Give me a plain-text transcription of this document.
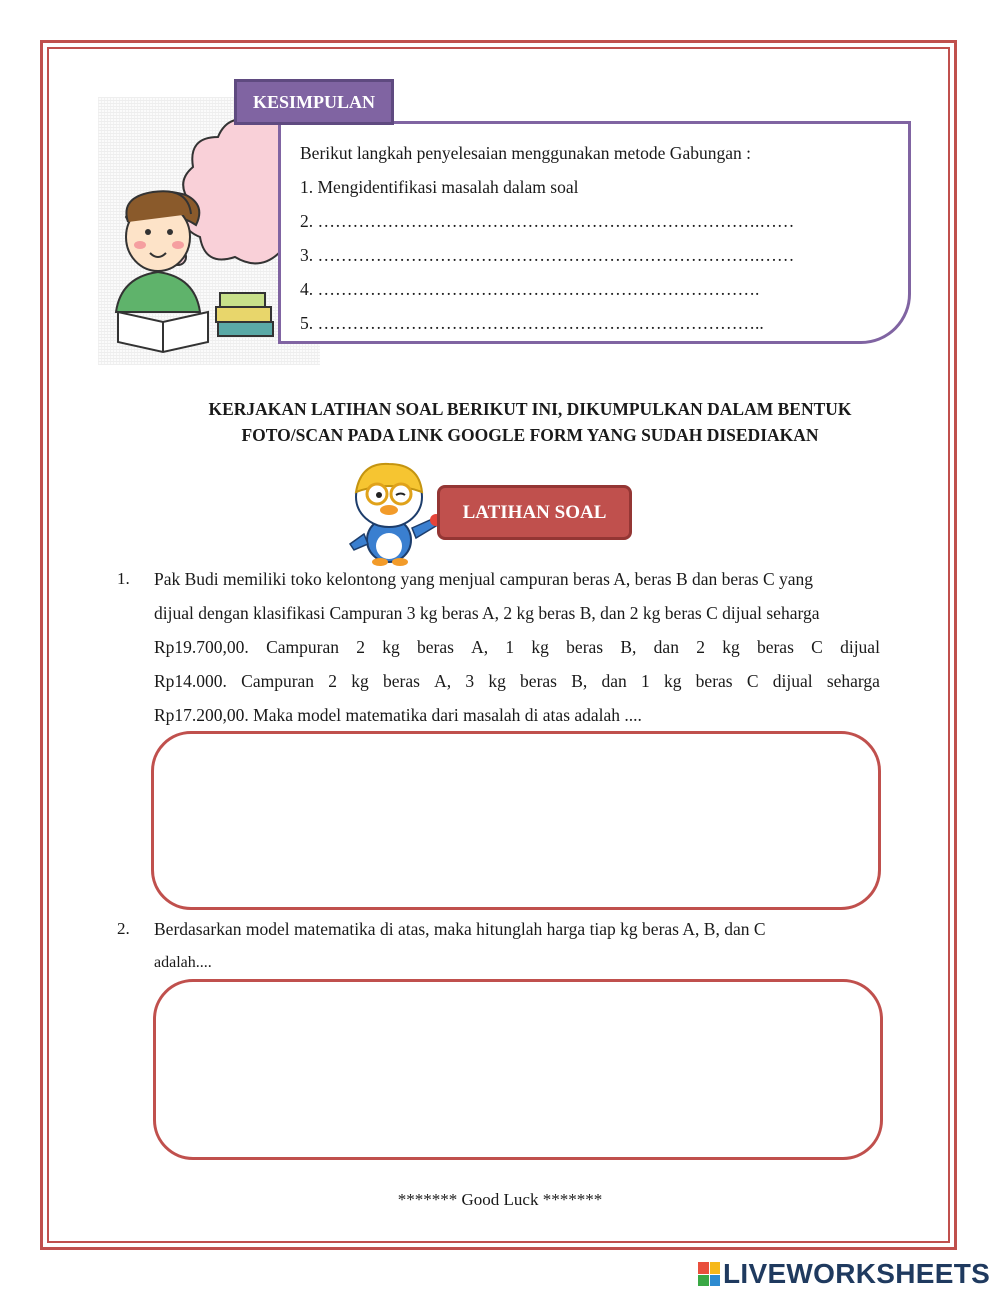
KESIMPULAN
Berikut langkah penyelesaian menggunakan metode Gabungan :
1. Mengidentifikasi masalah dalam soal
2. ………………………………………………………………….……
3. ………………………………………………………………….……
4. ………………………………………………………………….
5. …………………………………………………………………..
KERJAKAN LATIHAN SOAL BERIKUT INI, DIKUMPULKAN DALAM BENTUK
FOTO/SCAN PADA LINK GOOGLE FORM YANG SUDAH DISEDIAKAN
LATIHAN SOAL
1. Pak Budi memiliki toko kelontong yang menjual campuran beras A, beras B dan beras C yang
dijual dengan klasifikasi Campuran 3 kg beras A, 2 kg beras B, dan 2 kg beras C dijual seharga
Rp19.700,00. Campuran 2 kg beras A, 1 kg beras B, dan 2 kg beras C dijual
Rp14.000. Campuran 2 kg beras A, 3 kg beras B, dan 1 kg beras C dijual seharga
Rp17.200,00. Maka model matematika dari masalah di atas adalah ....
2. Berdasarkan model matematika di atas, maka hitunglah harga tiap kg beras A, B, dan C
adalah....
******* Good Luck *******
LIVEWORKSHEETS
